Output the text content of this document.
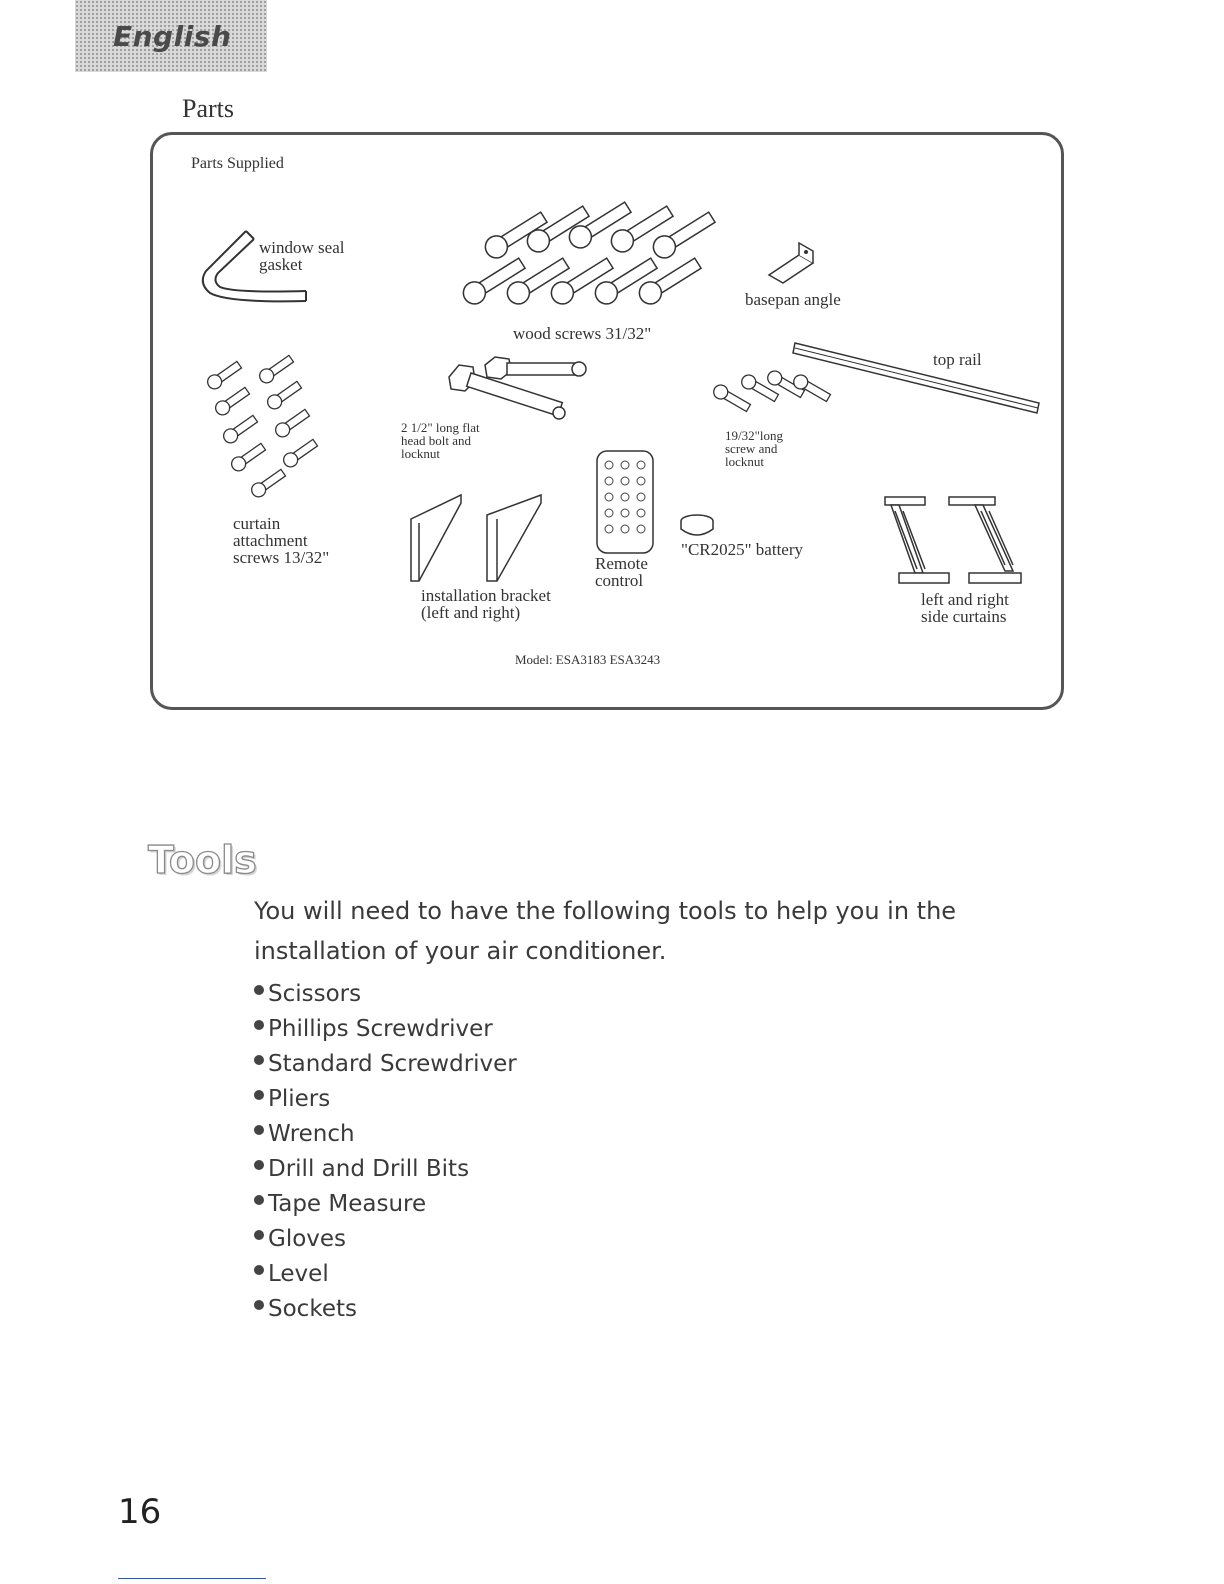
English
Parts
Parts Supplied
window seal
gasket
wood screws 31/32"
basepan angle
top rail
curtain
attachment
screws 13/32"
2 1/2" long flat
head bolt and
locknut
19/32"long
screw and
locknut
Remote
control
"CR2025" battery
installation bracket
(left and right)
left and right
side curtains
Model: ESA3183 ESA3243
Tools
You will need to have the following tools to help you in the installation of your air conditioner.
Scissors
Phillips Screwdriver
Standard Screwdriver
Pliers
Wrench
Drill and Drill Bits
Tape Measure
Gloves
Level
Sockets
16
